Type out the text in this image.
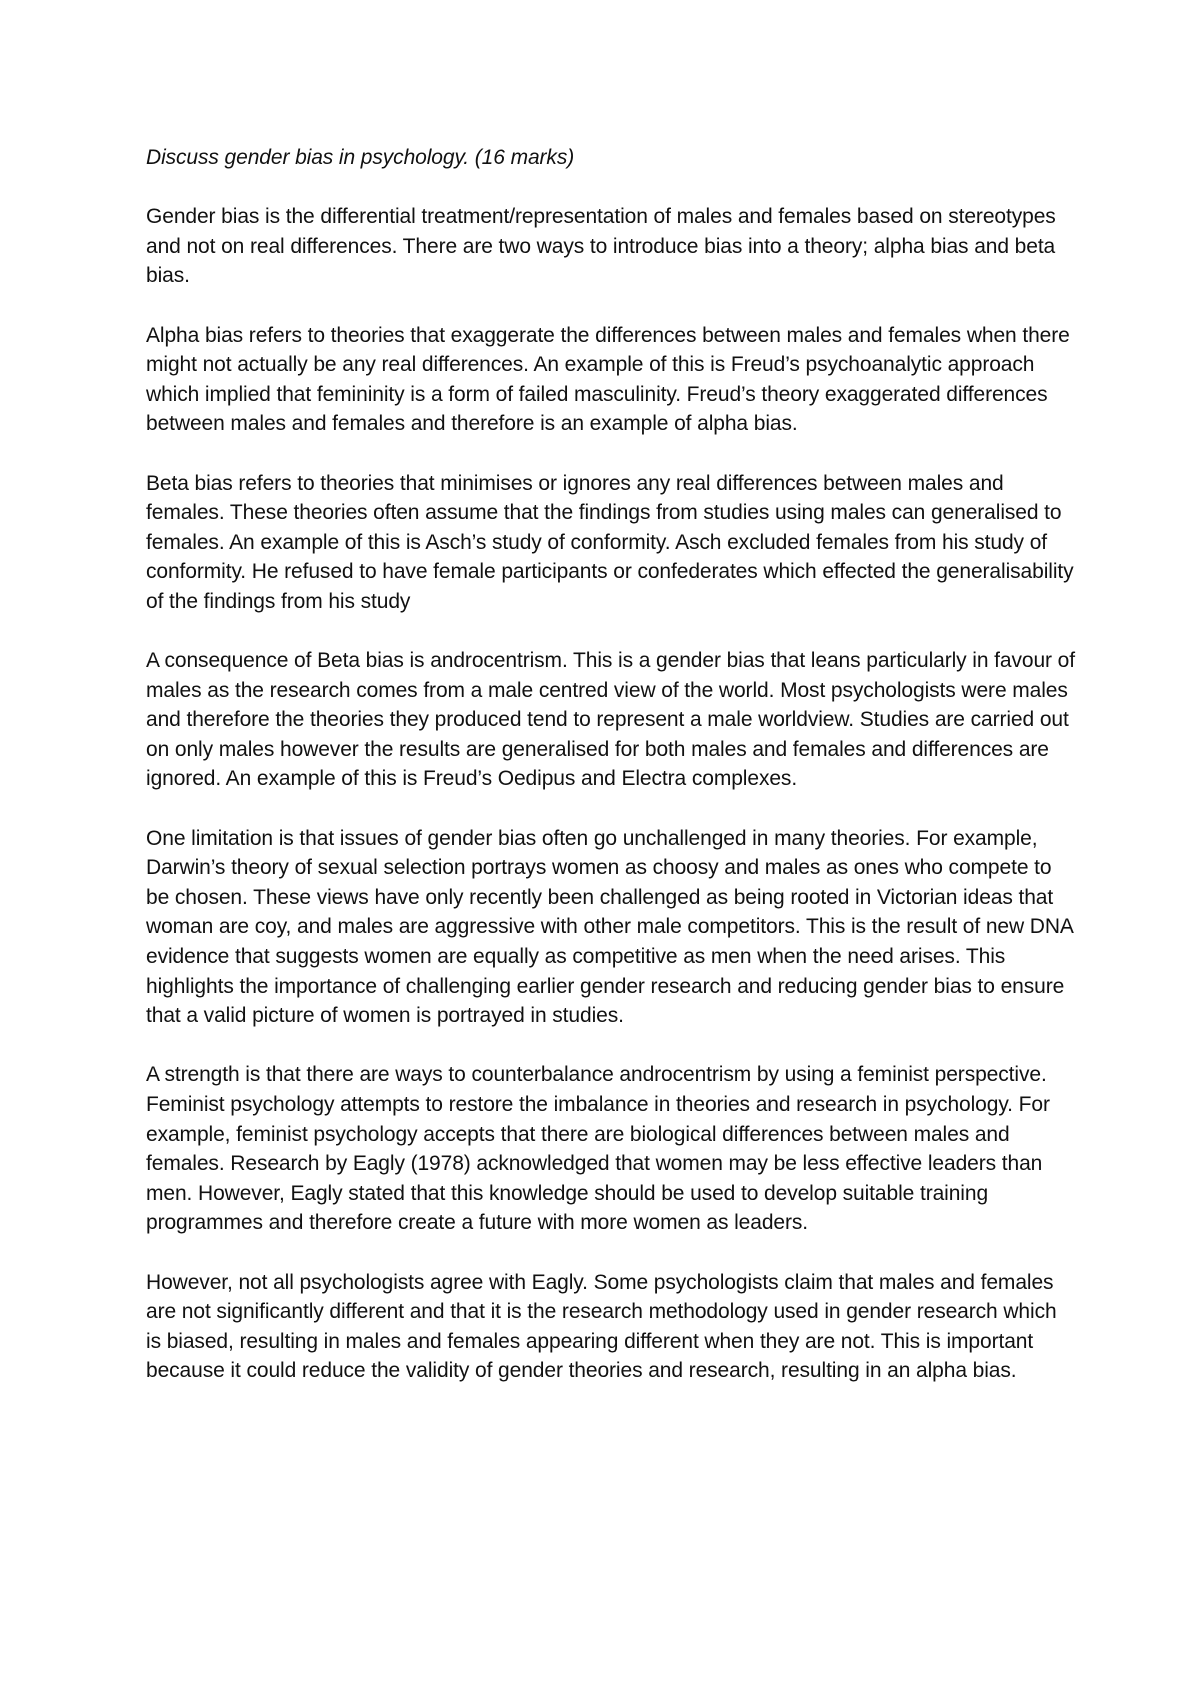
Discuss gender bias in psychology. (16 marks)

Gender bias is the differential treatment/representation of males and females based on stereotypes and not on real differences. There are two ways to introduce bias into a theory; alpha bias and beta bias.

Alpha bias refers to theories that exaggerate the differences between males and females when there might not actually be any real differences. An example of this is Freud’s psychoanalytic approach which implied that femininity is a form of failed masculinity. Freud’s theory exaggerated differences between males and females and therefore is an example of alpha bias.

Beta bias refers to theories that minimises or ignores any real differences between males and females. These theories often assume that the findings from studies using males can generalised to females. An example of this is Asch’s study of conformity. Asch excluded females from his study of conformity. He refused to have female participants or confederates which effected the generalisability of the findings from his study

A consequence of Beta bias is androcentrism. This is a gender bias that leans particularly in favour of males as the research comes from a male centred view of the world. Most psychologists were males and therefore the theories they produced tend to represent a male worldview. Studies are carried out on only males however the results are generalised for both males and females and differences are ignored. An example of this is Freud’s Oedipus and Electra complexes.

One limitation is that issues of gender bias often go unchallenged in many theories. For example, Darwin’s theory of sexual selection portrays women as choosy and males as ones who compete to be chosen. These views have only recently been challenged as being rooted in Victorian ideas that woman are coy, and males are aggressive with other male competitors. This is the result of new DNA evidence that suggests women are equally as competitive as men when the need arises. This highlights the importance of challenging earlier gender research and reducing gender bias to ensure that a valid picture of women is portrayed in studies.

A strength is that there are ways to counterbalance androcentrism by using a feminist perspective. Feminist psychology attempts to restore the imbalance in theories and research in psychology. For example, feminist psychology accepts that there are biological differences between males and females. Research by Eagly (1978) acknowledged that women may be less effective leaders than men. However, Eagly stated that this knowledge should be used to develop suitable training programmes and therefore create a future with more women as leaders.

However, not all psychologists agree with Eagly. Some psychologists claim that males and females are not significantly different and that it is the research methodology used in gender research which is biased, resulting in males and females appearing different when they are not. This is important because it could reduce the validity of gender theories and research, resulting in an alpha bias.
